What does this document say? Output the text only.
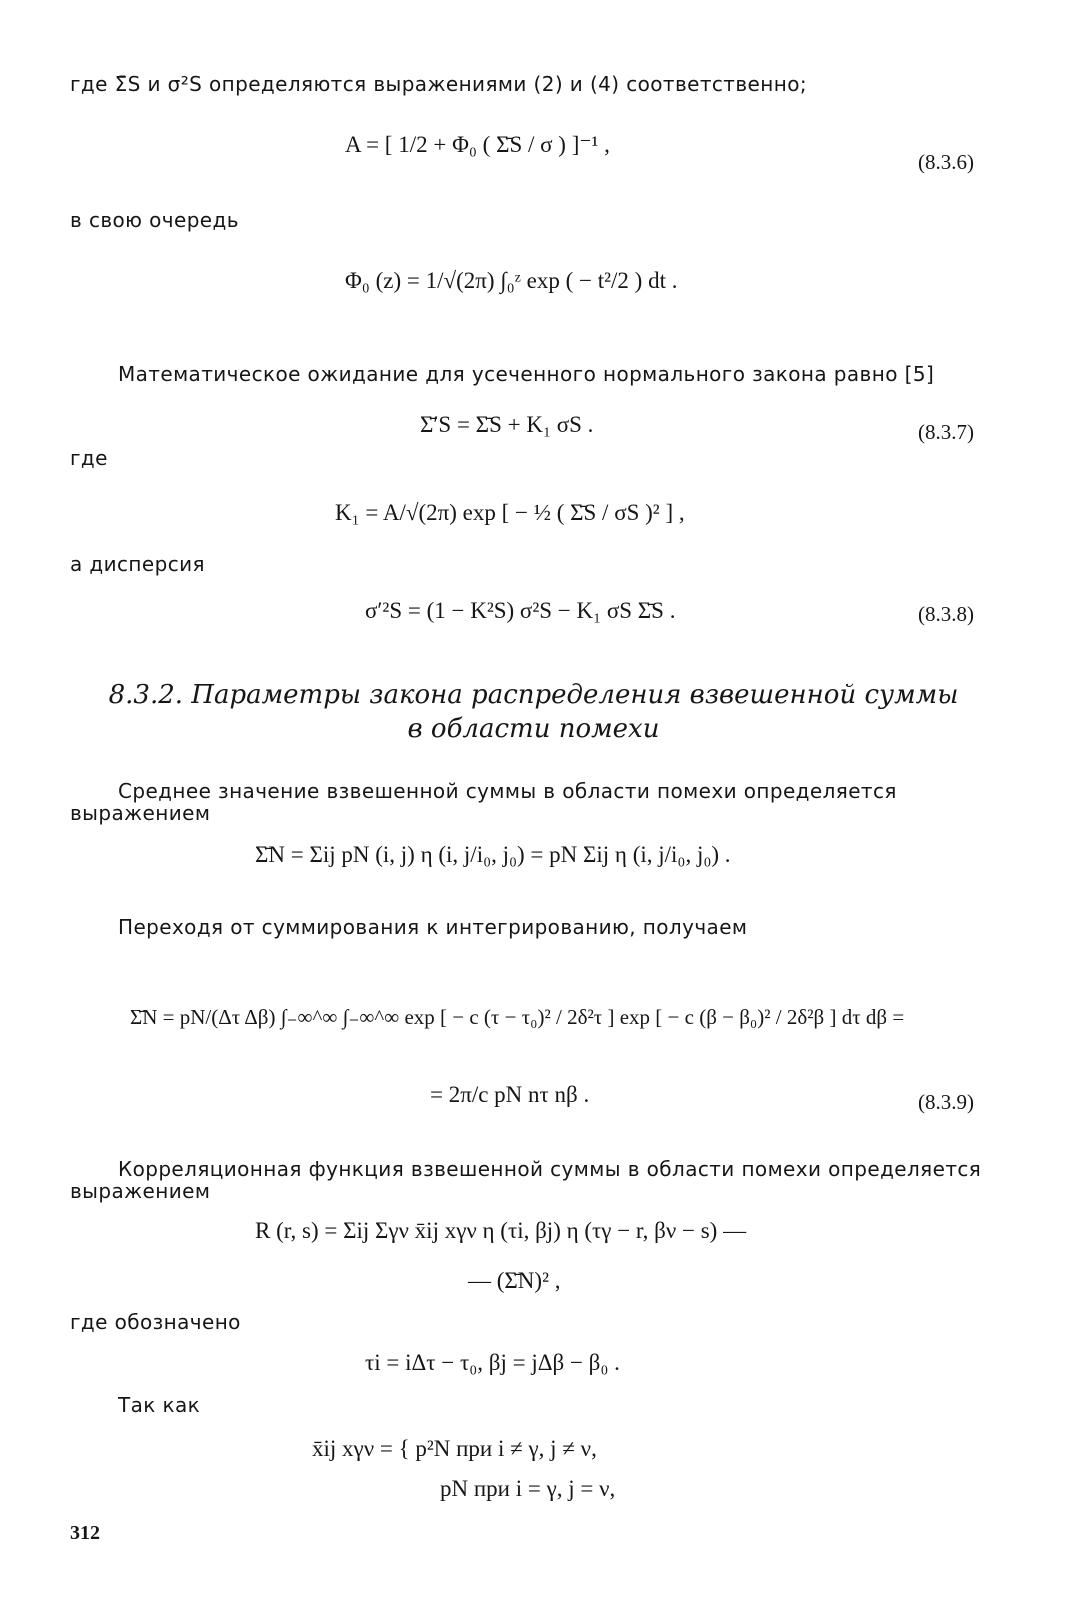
где Σ̄S и σ²S определяются выражениями (2) и (4) соответственно;
A = [ 1/2 + Φ₀ ( Σ̄S / σ ) ]⁻¹ ,
(8.3.6)
в свою очередь
Φ₀ (z) = 1/√(2π) ∫₀ᶻ exp ( − t²/2 ) dt .
Математическое ожидание для усеченного нормального закона равно [5]
Σ̄′S = Σ̄S + K₁ σS .	(8.3.7)
где
K₁ = A/√(2π) exp [ − ½ ( Σ̄S / σS )² ] ,
а дисперсия
σ′²S = (1 − K²S) σ²S − K₁ σS Σ̄S .	(8.3.8)
8.3.2. Параметры закона распределения взвешенной суммы
в области помехи
Среднее значение взвешенной суммы в области помехи определяется выражением
Σ̄N = Σij pN (i, j) η (i, j/i₀, j₀) = pN Σij η (i, j/i₀, j₀) .
Переходя от суммирования к интегрированию, получаем
Σ̄N = pN/(Δτ Δβ) ∫₋∞^∞ ∫₋∞^∞ exp [ − c (τ − τ₀)² / 2δ²τ ] exp [ − c (β − β₀)² / 2δ²β ] dτ dβ =
= 2π/c pN nτ nβ .	(8.3.9)
Корреляционная функция взвешенной суммы в области помехи определяется выражением
R (r, s) = Σij Σγν x̄ij xγν η (τi, βj) η (τγ − r, βν − s) —
— (Σ̄N)² ,
где обозначено
τi = iΔτ − τ₀, βj = jΔβ − β₀ .
Так как
x̄ij xγν = { p²N при i ≠ γ, j ≠ ν,
pN при i = γ, j = ν,
312
